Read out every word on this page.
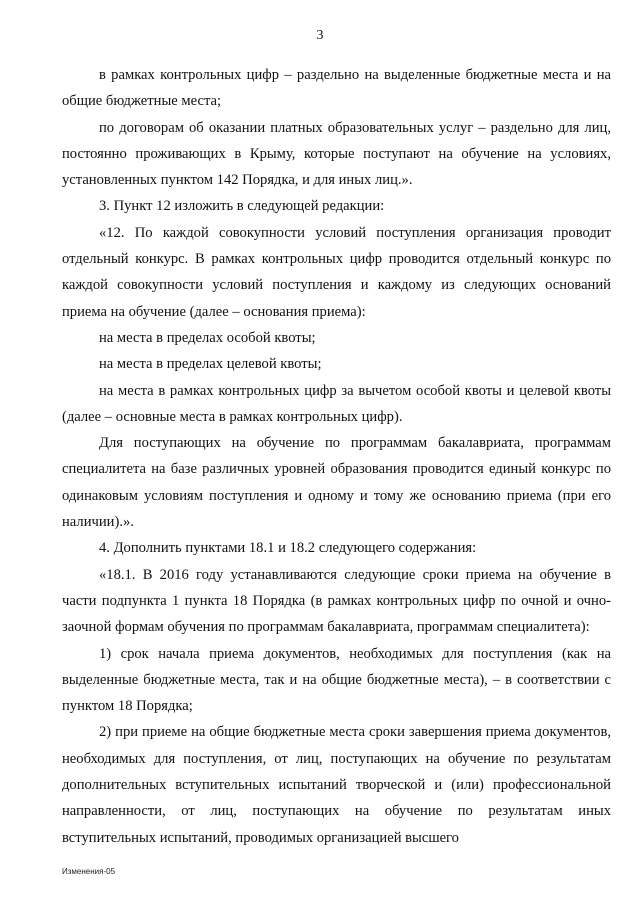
3

в рамках контрольных цифр – раздельно на выделенные бюджетные места и на общие бюджетные места;

по договорам об оказании платных образовательных услуг – раздельно для лиц, постоянно проживающих в Крыму, которые поступают на обучение на условиях, установленных пунктом 142 Порядка, и для иных лиц.».

3. Пункт 12 изложить в следующей редакции:

«12. По каждой совокупности условий поступления организация проводит отдельный конкурс. В рамках контрольных цифр проводится отдельный конкурс по каждой совокупности условий поступления и каждому из следующих оснований приема на обучение (далее – основания приема):

на места в пределах особой квоты;

на места в пределах целевой квоты;

на места в рамках контрольных цифр за вычетом особой квоты и целевой квоты (далее – основные места в рамках контрольных цифр).

Для поступающих на обучение по программам бакалавриата, программам специалитета на базе различных уровней образования проводится единый конкурс по одинаковым условиям поступления и одному и тому же основанию приема (при его наличии).».

4. Дополнить пунктами 18.1 и 18.2 следующего содержания:

«18.1. В 2016 году устанавливаются следующие сроки приема на обучение в части подпункта 1 пункта 18 Порядка (в рамках контрольных цифр по очной и очно-заочной формам обучения по программам бакалавриата, программам специалитета):

1) срок начала приема документов, необходимых для поступления (как на выделенные бюджетные места, так и на общие бюджетные места), – в соответствии с пунктом 18 Порядка;

2) при приеме на общие бюджетные места сроки завершения приема документов, необходимых для поступления, от лиц, поступающих на обучение по результатам дополнительных вступительных испытаний творческой и (или) профессиональной направленности, от лиц, поступающих на обучение по результатам иных вступительных испытаний, проводимых организацией высшего

Изменения-05
